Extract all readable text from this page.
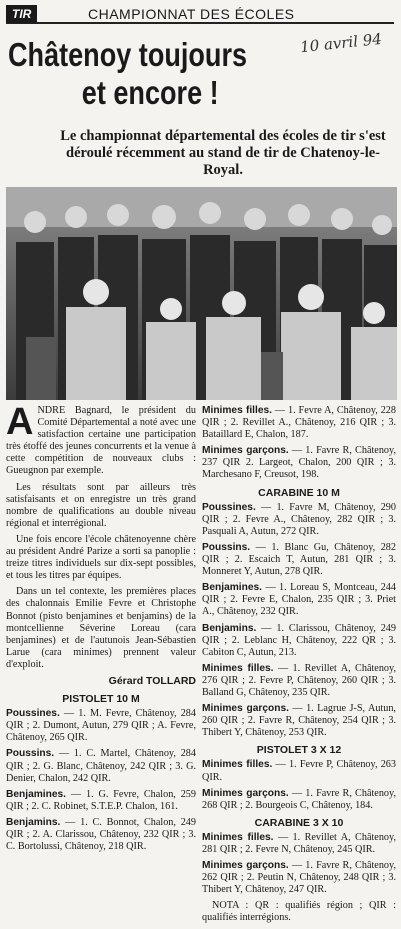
TIR	CHAMPIONNAT DES ÉCOLES
10 avril 94
Châtenoy toujours
et encore !
Le championnat départemental des écoles de tir s'est déroulé récemment au stand de tir de Chatenoy-le-Royal.

ANDRE Bagnard, le président du Comité Départemental a noté avec une satisfaction certaine une participation très étoffé des jeunes concurrents et la venue à cette compétition de nouveaux clubs : Gueugnon par exemple.

Les résultats sont par ailleurs très satisfaisants et on enregistre un très grand nombre de qualifications au double niveau régional et interrégional.

Une fois encore l'école châtenoyenne chère au président André Parize a sorti sa panoplie : treize titres individuels sur dix-sept possibles, et tous les titres par équipes.

Dans un tel contexte, les premières places des chalonnais Emilie Fevre et Christophe Bonnot (pisto benjamines et benjamins) de la montcellienne Séverine Loreau (cara benjamines) et de l'autunois Jean-Sébastien Larue (cara minimes) prennent valeur d'exploit.

Gérard TOLLARD
PISTOLET 10 M
Poussines. — 1. M. Fevre, Châtenoy, 284 QIR ; 2. Dumont, Autun, 279 QIR ; A. Fevre, Châtenoy, 265 QIR.
Poussins. — 1. C. Martel, Châtenoy, 284 QIR ; 2. G. Blanc, Châtenoy, 242 QIR ; 3. G. Denier, Chalon, 242 QIR.
Benjamines. — 1. G. Fevre, Chalon, 259 QIR ; 2. C. Robinet, S.T.E.P. Chalon, 161.
Benjamins. — 1. C. Bonnot, Chalon, 249 QIR ; 2. A. Clarissou, Châtenoy, 232 QIR ; 3. C. Bortolussi, Châtenoy, 218 QIR.
Minimes filles. — 1. Fevre A, Châtenoy, 228 QIR ; 2. Revillet A., Châtenoy, 216 QIR ; 3. Bataillard E, Chalon, 187.
Minimes garçons. — 1. Favre R, Châtenoy, 237 QIR 2. Largeot, Chalon, 200 QIR ; 3. Marchesano F, Creusot, 198.
CARABINE 10 M
Poussines. — 1. Favre M, Châtenoy, 290 QIR ; 2. Fevre A., Châtenoy, 282 QIR ; 3. Pasquali A, Autun, 272 QIR.
Poussins. — 1. Blanc Gu, Châtenoy, 282 QIR ; 2. Escaich T, Autun, 281 QIR ; 3. Monneret Y, Autun, 278 QIR.
Benjamines. — 1. Loreau S, Montceau, 244 QIR ; 2. Fevre E, Chalon, 235 QIR ; 3. Priet A., Châtenoy, 232 QIR.
Benjamins. — 1. Clarissou, Châtenoy, 249 QIR ; 2. Leblanc H, Châtenoy, 222 QR ; 3. Cabiton C, Autun, 213.
Minimes filles. — 1. Revillet A, Châtenoy, 276 QIR ; 2. Fevre P, Châtenoy, 260 QIR ; 3. Balland G, Châtenoy, 235 QIR.
Minimes garçons. — 1. Lagrue J-S, Autun, 260 QIR ; 2. Favre R, Châtenoy, 254 QIR ; 3. Thibert Y, Châtenoy, 253 QIR.
PISTOLET 3 X 12
Minimes filles. — 1. Fevre P, Châtenoy, 263 QIR.
Minimes garçons. — 1. Favre R, Châtenoy, 268 QIR ; 2. Bourgeois C, Châtenoy, 184.
CARABINE 3 X 10
Minimes filles. — 1. Revillet A, Châtenoy, 281 QIR ; 2. Fevre N, Châtenoy, 245 QIR.
Minimes garçons. — 1. Favre R, Châtenoy, 262 QIR ; 2. Peutin N, Châtenoy, 248 QIR ; 3. Thibert Y, Châtenoy, 247 QIR.

NOTA : QR : qualifiés région ; QIR : qualifiés interrégions.
